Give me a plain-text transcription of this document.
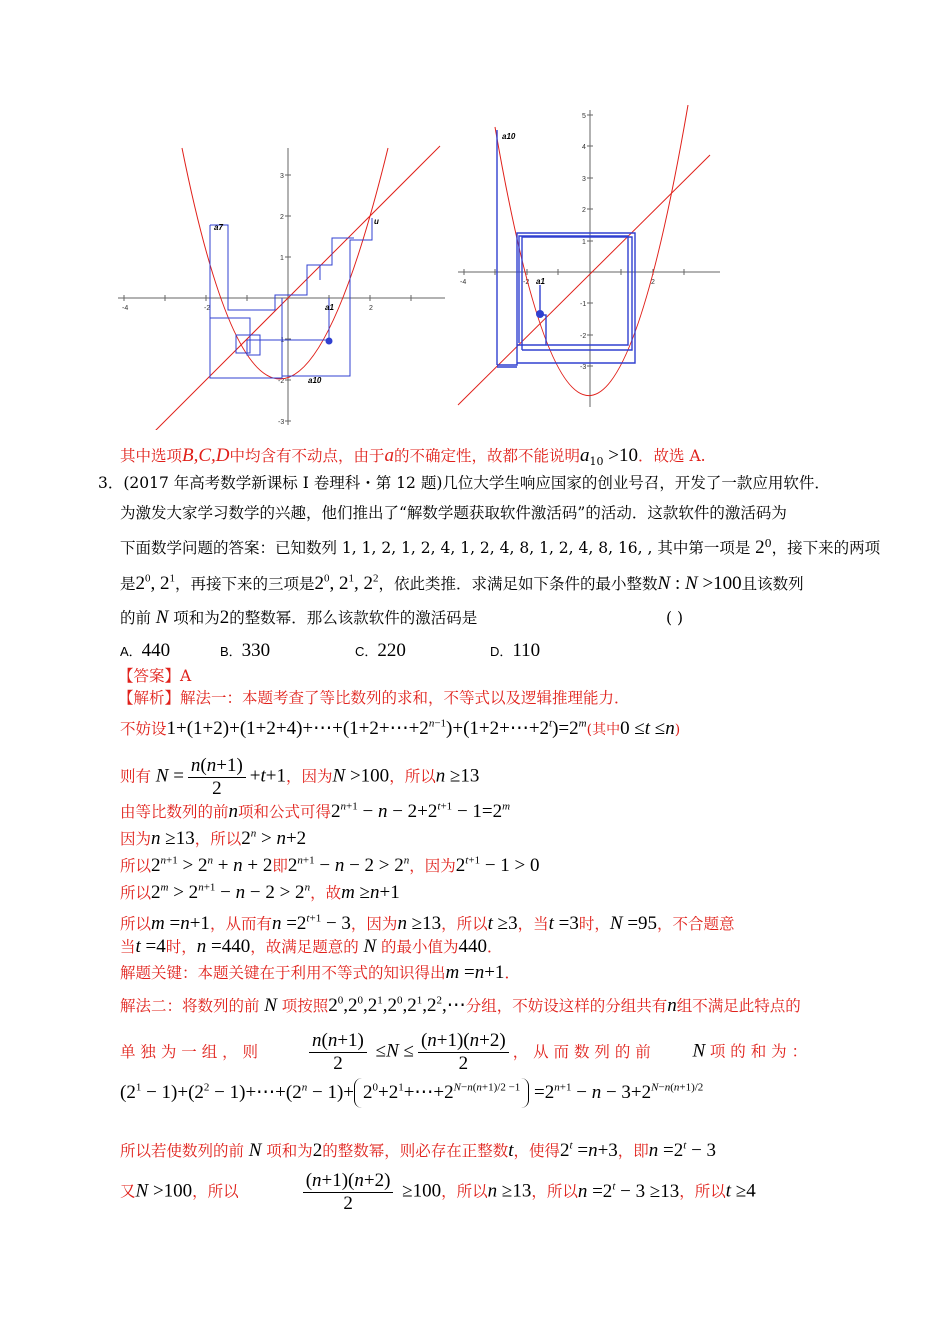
-4	-2	2
3
2
1
-1
-2
-3
a7
a10
u
a1
-4	-2	2
5
4
3
2
1
-1
-2
-3
a10
a1
其中选项B,C,D中均含有不动点，由于a的不确定性，故都不能说明$a_{10} >10$．故选 A.
3．(2017 年高考数学新课标 I 卷理科・第 12 题)几位大学生响应国家的创业号召，开发了一款应用软件．
为激发大家学习数学的兴趣，他们推出了“解数学题获取软件激活码”的活动．这款软件的激活码为
下面数学问题的答案：已知数列 1, 1, 2, 1, 2, 4, 1, 2, 4, 8, 1, 2, 4, 8, 16, , 其中第一项是 $2^0$，接下来的两项
是$2^0$, $2^1$，再接下来的三项是$2^0$, $2^1$, $2^2$，依此类推．求满足如下条件的最小整数N : N >100且该数列
的前 N 项和为2的整数幂．那么该款软件的激活码是	( )
A．440	B．330	C．220	D．110
【答案】A
【解析】解法一：本题考查了等比数列的求和，不等式以及逻辑推理能力．
不妨设$1+(1+2)+(1+2+4)+\cdots+(1+2+\cdots+2^{n-1})+(1+2+\cdots+2^t)=2^m$(其中0 ≤t ≤n)
则有 $N = \frac{n(n+1)}{2} +t+1$，因为N >100，所以n ≥13
由等比数列的前n项和公式可得$2^{n+1} - n - 2+2^{t+1} - 1=2^m$
因为n ≥13，所以$2^n > n+2$
所以$2^{n+1} > 2^n + n + 2$即$2^{n+1} - n - 2 > 2^n$，因为$2^{t+1} - 1 > 0$
所以$2^m > 2^{n+1} - n - 2 > 2^n$，故m ≥n+1
所以m =n+1，从而有$n =2^{t+1} - 3$，因为n ≥13，所以t ≥3，当t =3时，N =95，不合题意
当t =4时，n =440，故满足题意的 N 的最小值为440．
解题关键：本题关键在于利用不等式的知识得出m =n+1．
解法二：将数列的前 N 项按照$2^0,2^0,2^1,2^0,2^1,2^2,\cdots$分组，不妨设这样的分组共有n组不满足此特点的
单 独 为 一 组 ， 则	$\frac{n(n+1)}{2} \le N \le \frac{(n+1)(n+2)}{2}$ ， 从 而 数 列 的 前 N 项 的 和 为 ：
$(2^1 - 1)+(2^2$ − $1)+\cdots+(2^n - 1)+$ $2^0+2^1+\cdots+2^{N-n(n+1)/2 -1} =2^{n+1} - n - 3+2^{N-n(n+1)/2}$
所以若使数列的前 N 项和为2的整数幂，则必存在正整数t，使得$2^t =n+3$，即$n =2^t - 3$
又N >100，所以	$\frac{(n+1)(n+2)}{2} \ge 100$，所以n ≥13，所以$n =2^t - 3 \ge 13$，所以t ≥4
